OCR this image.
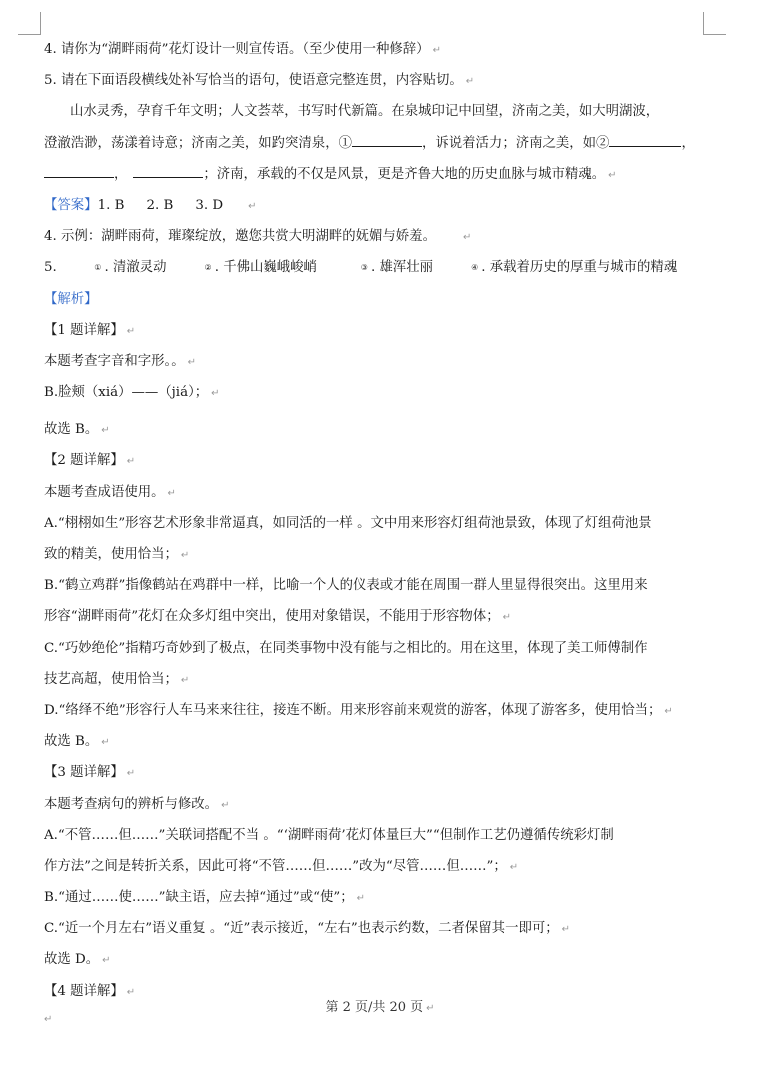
4. 请你为“湖畔雨荷”花灯设计一则宣传语。（至少使用一种修辞） ↵
5. 请在下面语段横线处补写恰当的语句，使语意完整连贯，内容贴切。 ↵
山水灵秀，孕育千年文明；人文荟萃，书写时代新篇。在泉城印记中回望，济南之美，如大明湖波，
澄澈浩渺，荡漾着诗意；济南之美，如趵突清泉，①	，诉说着活力；济南之美，如②	，
，	；济南，承载的不仅是风景，更是齐鲁大地的历史血脉与城市精魂。 ↵
【答案】1. B 2. B 3. D	↵
4. 示例：湖畔雨荷，璀璨绽放，邀您共赏大明湖畔的妩媚与娇羞。	↵
5.	① . 清澈灵动	② . 千佛山巍峨峻峭	③ . 雄浑壮丽	④ . 承载着历史的厚重与城市的精魂
【解析】
【1 题详解】 ↵
本题考查字音和字形。。 ↵
B.脸颊（xiá）——（jiá）； ↵
故选 B。 ↵
【2 题详解】 ↵
本题考查成语使用。 ↵
A.“栩栩如生”形容艺术形象非常逼真，如同活的一样 。文中用来形容灯组荷池景致，体现了灯组荷池景
致的精美，使用恰当； ↵
B.“鹤立鸡群”指像鹤站在鸡群中一样，比喻一个人的仪表或才能在周围一群人里显得很突出。这里用来
形容“湖畔雨荷”花灯在众多灯组中突出，使用对象错误，不能用于形容物体； ↵
C.“巧妙绝伦”指精巧奇妙到了极点，在同类事物中没有能与之相比的。用在这里，体现了美工师傅制作
技艺高超，使用恰当； ↵
D.“络绎不绝”形容行人车马来来往往，接连不断。用来形容前来观赏的游客，体现了游客多，使用恰当； ↵
故选 B。 ↵
【3 题详解】 ↵
本题考查病句的辨析与修改。 ↵
A.“不管……但……”关联词搭配不当 。“‘湖畔雨荷’花灯体量巨大”“但制作工艺仍遵循传统彩灯制
作方法”之间是转折关系，因此可将“不管……但……”改为“尽管……但……”； ↵
B.“通过……使……”缺主语，应去掉“通过”或“使”； ↵
C.“近一个月左右”语义重复 。“近”表示接近，“左右”也表示约数，二者保留其一即可； ↵
故选 D。 ↵
【4 题详解】 ↵
第 2 页/共 20 页 ↵
↵
